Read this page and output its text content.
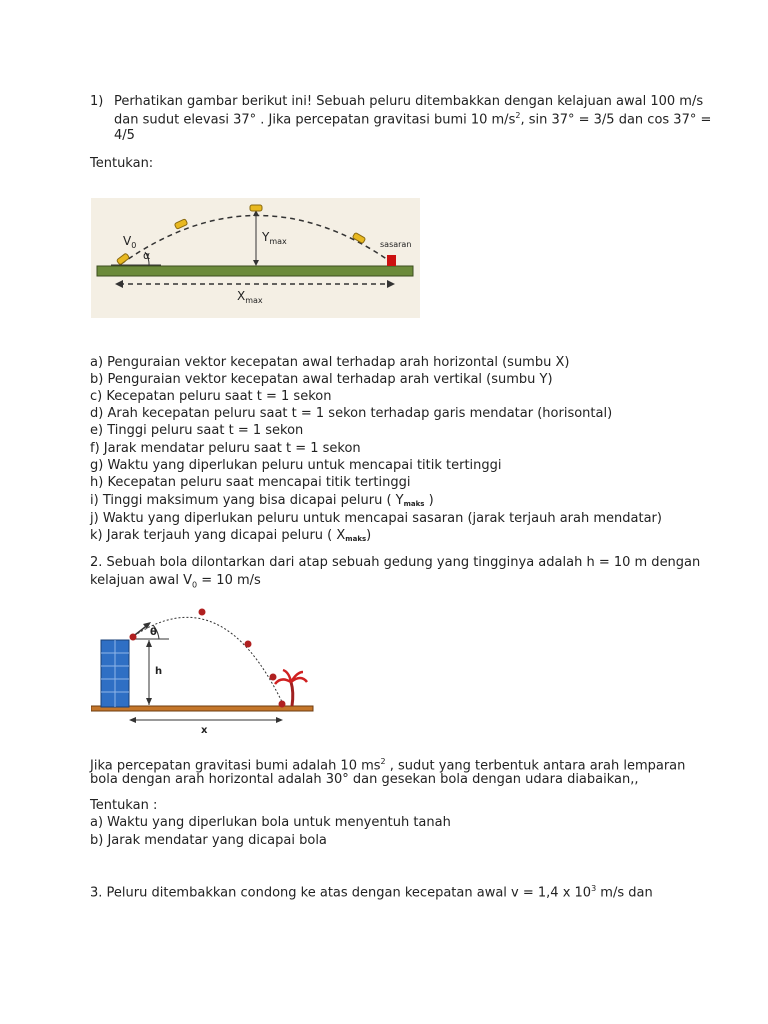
1) Perhatikan gambar berikut ini! Sebuah peluru ditembakkan dengan kelajuan awal 100 m/s
dan sudut elevasi 37° . Jika percepatan gravitasi bumi 10 $m/s^2$, sin 37° = 3/5 dan cos 37° =
4/5
Tentukan:
$V_0$
α
$Y_{max}$	sasaran
$X_{max}$
a) Penguraian vektor kecepatan awal terhadap arah horizontal (sumbu X)
b) Penguraian vektor kecepatan awal terhadap arah vertikal (sumbu Y)
c) Kecepatan peluru saat t = 1 sekon
d) Arah kecepatan peluru saat t = 1 sekon terhadap garis mendatar (horisontal)
e) Tinggi peluru saat t = 1 sekon
f) Jarak mendatar peluru saat t = 1 sekon
g) Waktu yang diperlukan peluru untuk mencapai titik tertinggi
h) Kecepatan peluru saat mencapai titik tertinggi
i) Tinggi maksimum yang bisa dicapai peluru ( Ymaks )
j) Waktu yang diperlukan peluru untuk mencapai sasaran (jarak terjauh arah mendatar)
k) Jarak terjauh yang dicapai peluru ( Xmaks)
2. Sebuah bola dilontarkan dari atap sebuah gedung yang tingginya adalah h = 10 m dengan
kelajuan awal $V_0 = 10$ m/s
h
θ
x
Jika percepatan gravitasi bumi adalah 10 $ms^2$ , sudut yang terbentuk antara arah lemparan
bola dengan arah horizontal adalah 30° dan gesekan bola dengan udara diabaikan,,
Tentukan :
a) Waktu yang diperlukan bola untuk menyentuh tanah
b) Jarak mendatar yang dicapai bola
3. Peluru ditembakkan condong ke atas dengan kecepatan awal v = 1,4 x $10^3$ m/s dan
